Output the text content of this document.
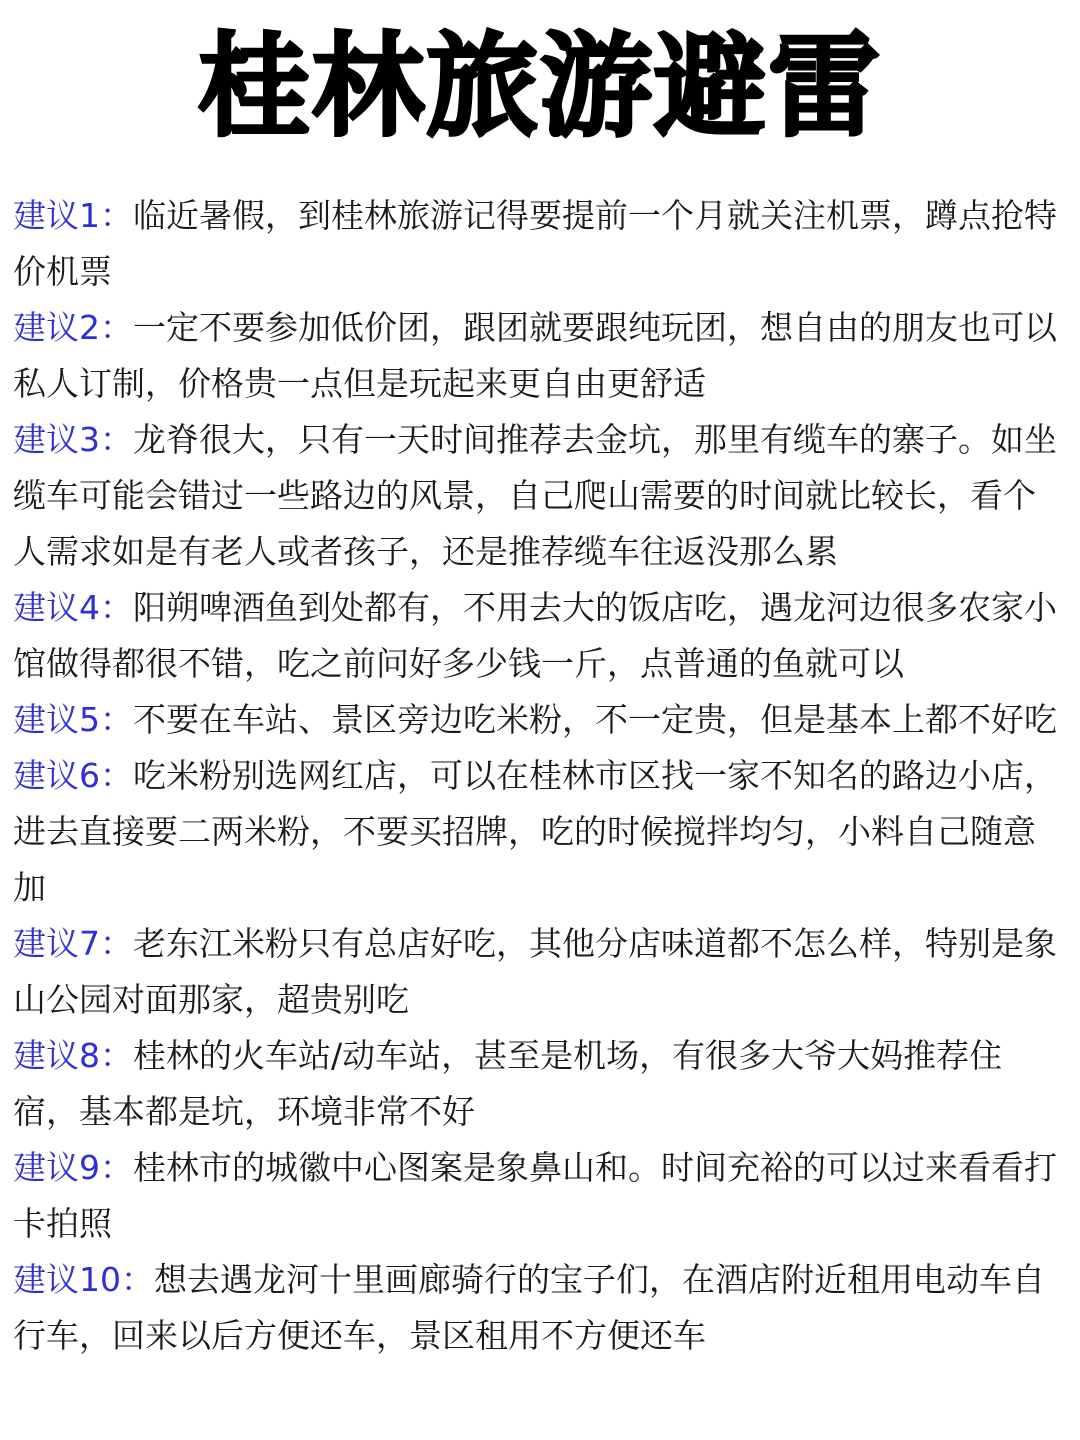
桂林旅游避雷

建议1：临近暑假，到桂林旅游记得要提前一个月就关注机票，蹲点抢特价机票

建议2：一定不要参加低价团，跟团就要跟纯玩团，想自由的朋友也可以私人订制，价格贵一点但是玩起来更自由更舒适

建议3：龙脊很大，只有一天时间推荐去金坑，那里有缆车的寨子。如坐缆车可能会错过一些路边的风景，自己爬山需要的时间就比较长，看个人需求如是有老人或者孩子，还是推荐缆车往返没那么累

建议4：阳朔啤酒鱼到处都有，不用去大的饭店吃，遇龙河边很多农家小馆做得都很不错，吃之前问好多少钱一斤，点普通的鱼就可以

建议5：不要在车站、景区旁边吃米粉，不一定贵，但是基本上都不好吃

建议6：吃米粉别选网红店，可以在桂林市区找一家不知名的路边小店，进去直接要二两米粉，不要买招牌，吃的时候搅拌均匀，小料自己随意加

建议7：老东江米粉只有总店好吃，其他分店味道都不怎么样，特别是象山公园对面那家，超贵别吃

建议8：桂林的火车站/动车站，甚至是机场，有很多大爷大妈推荐住宿，基本都是坑，环境非常不好

建议9：桂林市的城徽中心图案是象鼻山和。时间充裕的可以过来看看打卡拍照

建议10：想去遇龙河十里画廊骑行的宝子们，在酒店附近租用电动车自行车，回来以后方便还车，景区租用不方便还车
